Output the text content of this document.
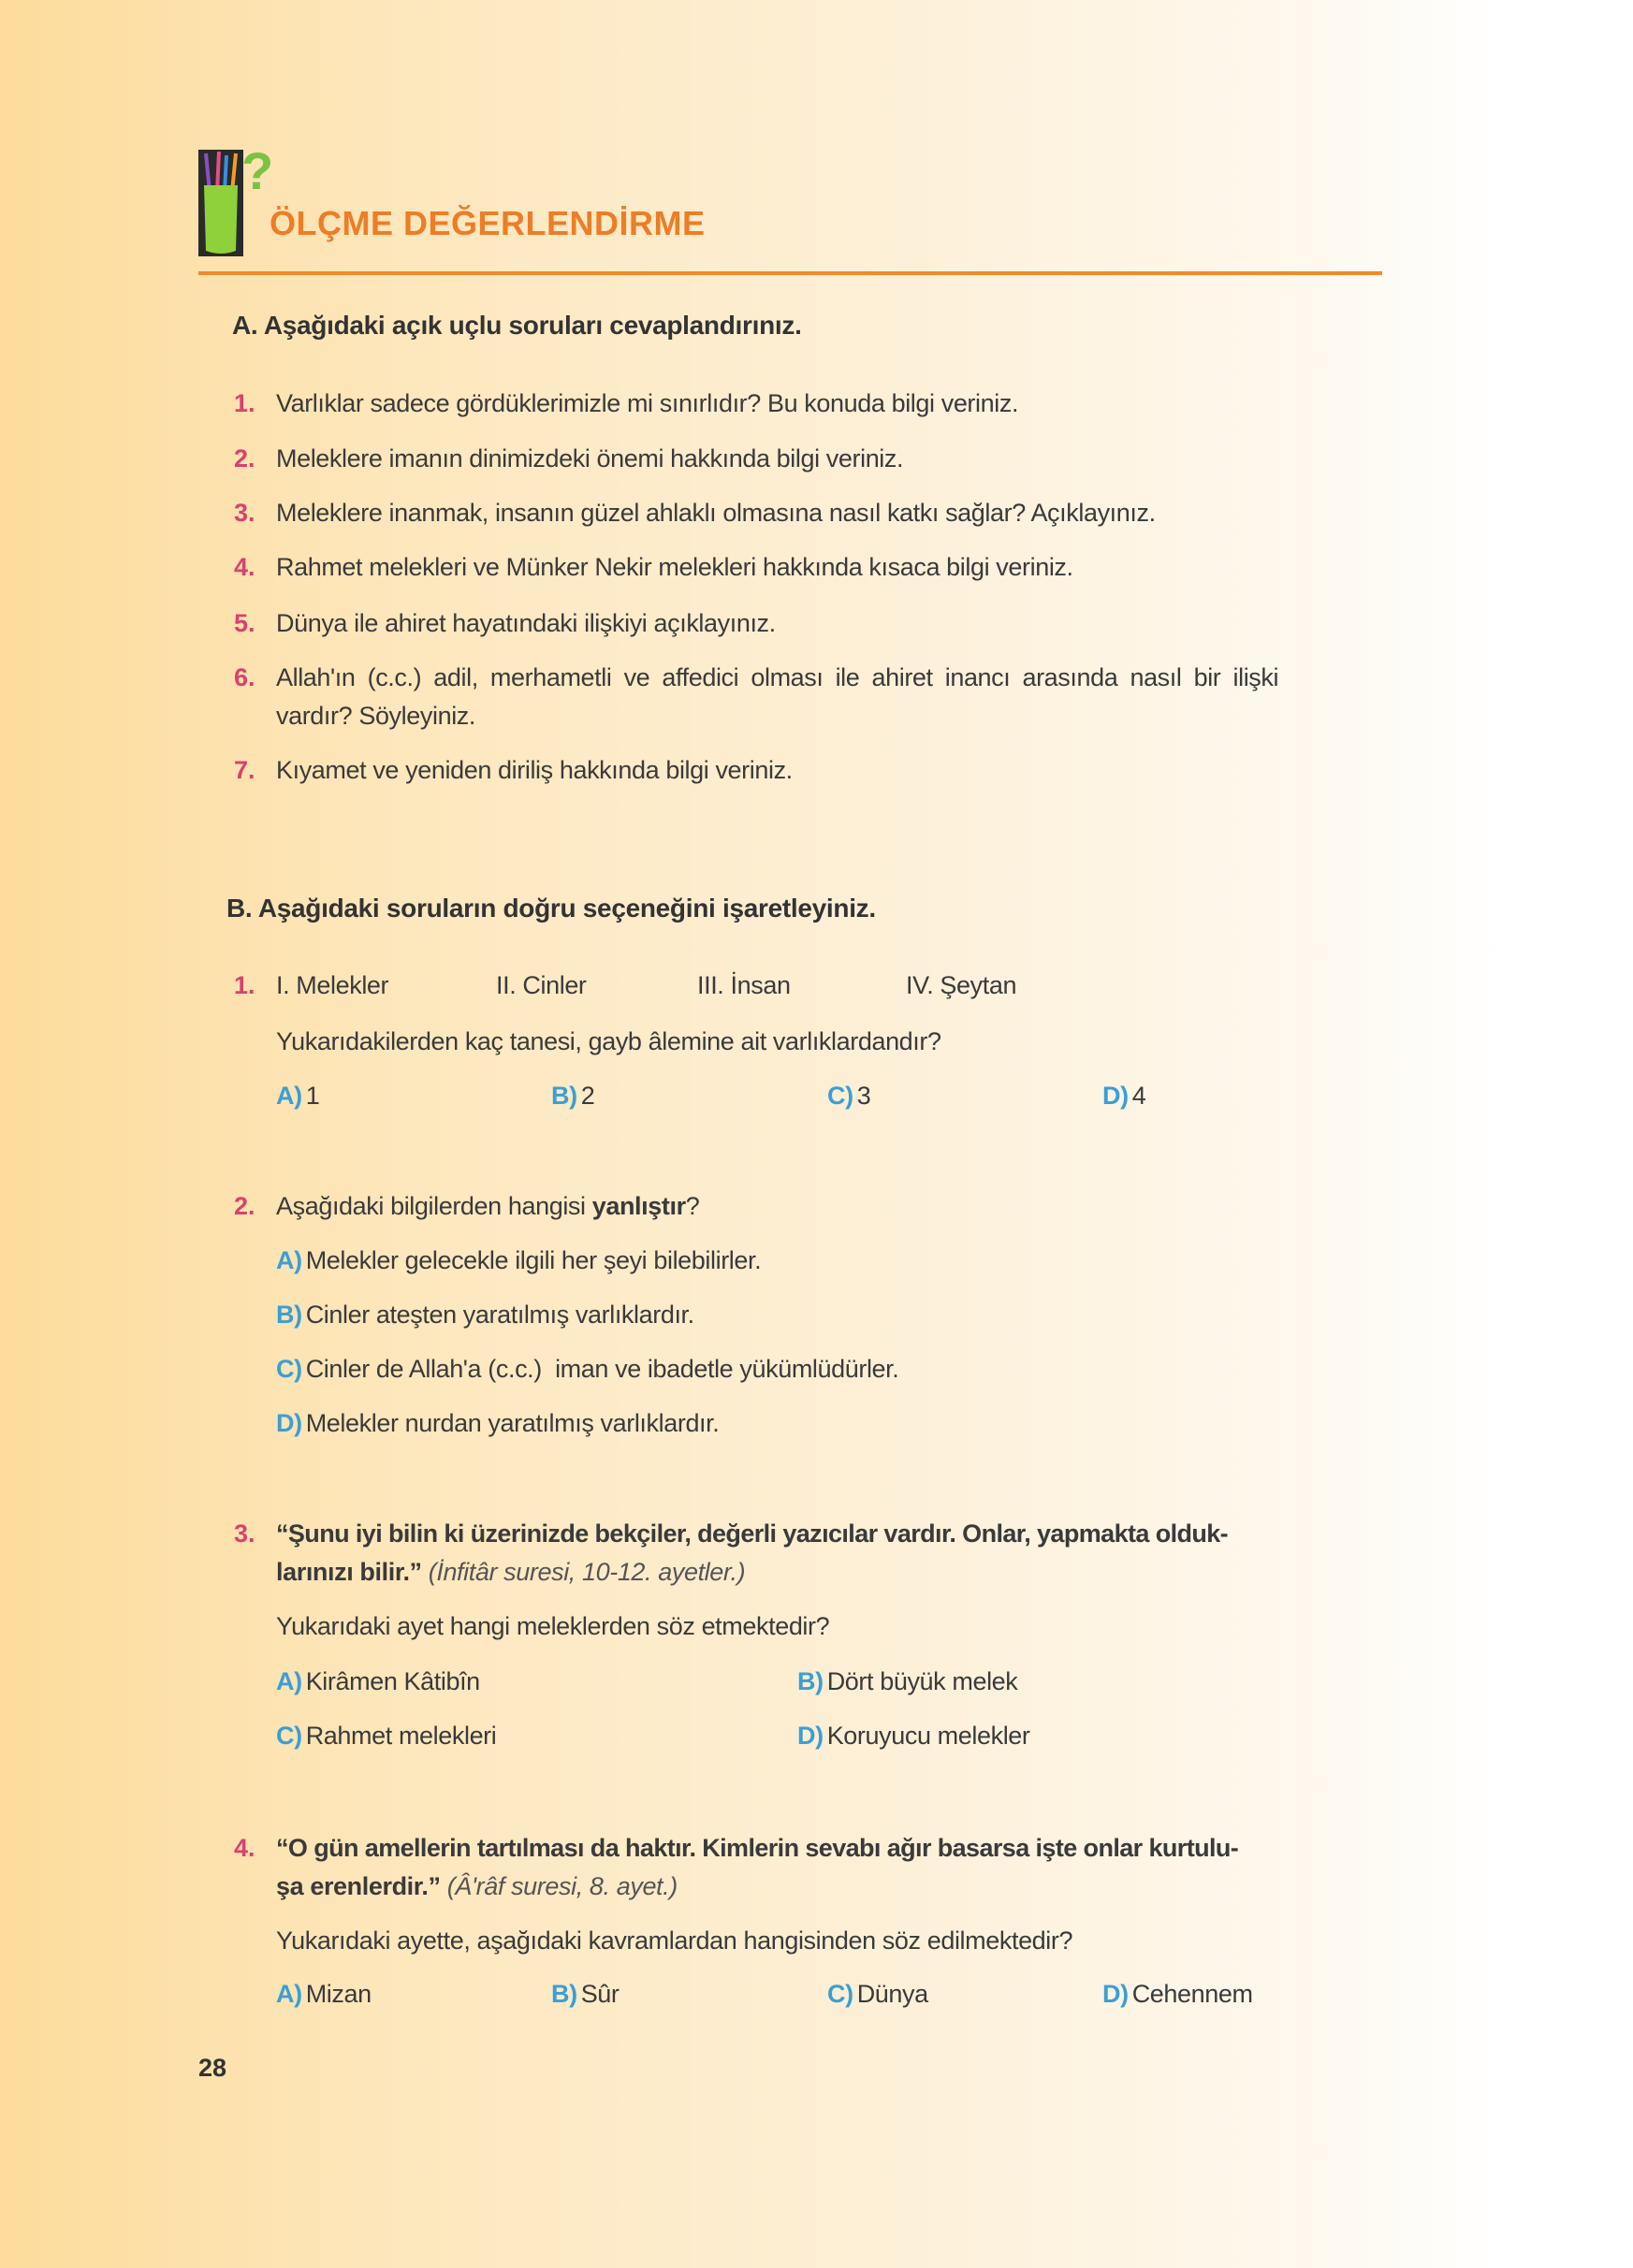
?
ÖLÇME DEĞERLENDİRME
A. Aşağıdaki açık uçlu soruları cevaplandırınız.
1. Varlıklar sadece gördüklerimizle mi sınırlıdır? Bu konuda bilgi veriniz.
2. Meleklere imanın dinimizdeki önemi hakkında bilgi veriniz.
3. Meleklere inanmak, insanın güzel ahlaklı olmasına nasıl katkı sağlar? Açıklayınız.
4. Rahmet melekleri ve Münker Nekir melekleri hakkında kısaca bilgi veriniz.
5. Dünya ile ahiret hayatındaki ilişkiyi açıklayınız.
6. Allah'ın (c.c.) adil, merhametli ve affedici olması ile ahiret inancı arasında nasıl bir ilişki
vardır? Söyleyiniz.
7. Kıyamet ve yeniden diriliş hakkında bilgi veriniz.
B. Aşağıdaki soruların doğru seçeneğini işaretleyiniz.
1. I. Melekler	II. Cinler	III. İnsan	IV. Şeytan
Yukarıdakilerden kaç tanesi, gayb âlemine ait varlıklardandır?
A) 1	B) 2	C) 3	D) 4
2. Aşağıdaki bilgilerden hangisi yanlıştır?
A) Melekler gelecekle ilgili her şeyi bilebilirler.
B) Cinler ateşten yaratılmış varlıklardır.
C) Cinler de Allah'a (c.c.)  iman ve ibadetle yükümlüdürler.
D) Melekler nurdan yaratılmış varlıklardır.
3. “Şunu iyi bilin ki üzerinizde bekçiler, değerli yazıcılar vardır. Onlar, yapmakta olduk-
larınızı bilir.” (İnfitâr suresi, 10-12. ayetler.)
Yukarıdaki ayet hangi meleklerden söz etmektedir?
A) Kirâmen Kâtibîn	B) Dört büyük melek
C) Rahmet melekleri	D) Koruyucu melekler
4. “O gün amellerin tartılması da haktır. Kimlerin sevabı ağır basarsa işte onlar kurtulu-
şa erenlerdir.” (Â'râf suresi, 8. ayet.)
Yukarıdaki ayette, aşağıdaki kavramlardan hangisinden söz edilmektedir?
A) Mizan	B) Sûr	C) Dünya	D) Cehennem
28
